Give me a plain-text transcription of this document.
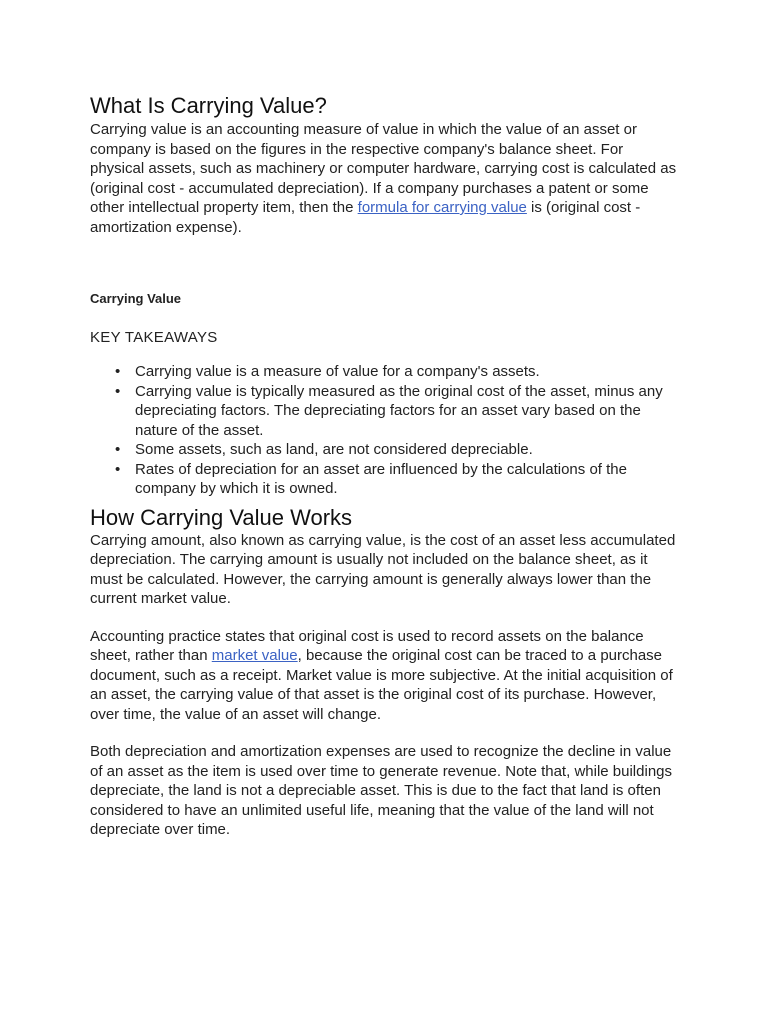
What Is Carrying Value?

Carrying value is an accounting measure of value in which the value of an asset or company is based on the figures in the respective company's balance sheet. For physical assets, such as machinery or computer hardware, carrying cost is calculated as (original cost - accumulated depreciation). If a company purchases a patent or some other intellectual property item, then the formula for carrying value is (original cost - amortization expense).

Carrying Value
KEY TAKEAWAYS
• Carrying value is a measure of value for a company's assets.
• Carrying value is typically measured as the original cost of the asset, minus any depreciating factors. The depreciating factors for an asset vary based on the nature of the asset.
• Some assets, such as land, are not considered depreciable.
• Rates of depreciation for an asset are influenced by the calculations of the company by which it is owned.
How Carrying Value Works

Carrying amount, also known as carrying value, is the cost of an asset less accumulated depreciation. The carrying amount is usually not included on the balance sheet, as it must be calculated. However, the carrying amount is generally always lower than the current market value.

Accounting practice states that original cost is used to record assets on the balance sheet, rather than market value, because the original cost can be traced to a purchase document, such as a receipt. Market value is more subjective. At the initial acquisition of an asset, the carrying value of that asset is the original cost of its purchase. However, over time, the value of an asset will change.

Both depreciation and amortization expenses are used to recognize the decline in value of an asset as the item is used over time to generate revenue. Note that, while buildings depreciate, the land is not a depreciable asset. This is due to the fact that land is often considered to have an unlimited useful life, meaning that the value of the land will not depreciate over time.
